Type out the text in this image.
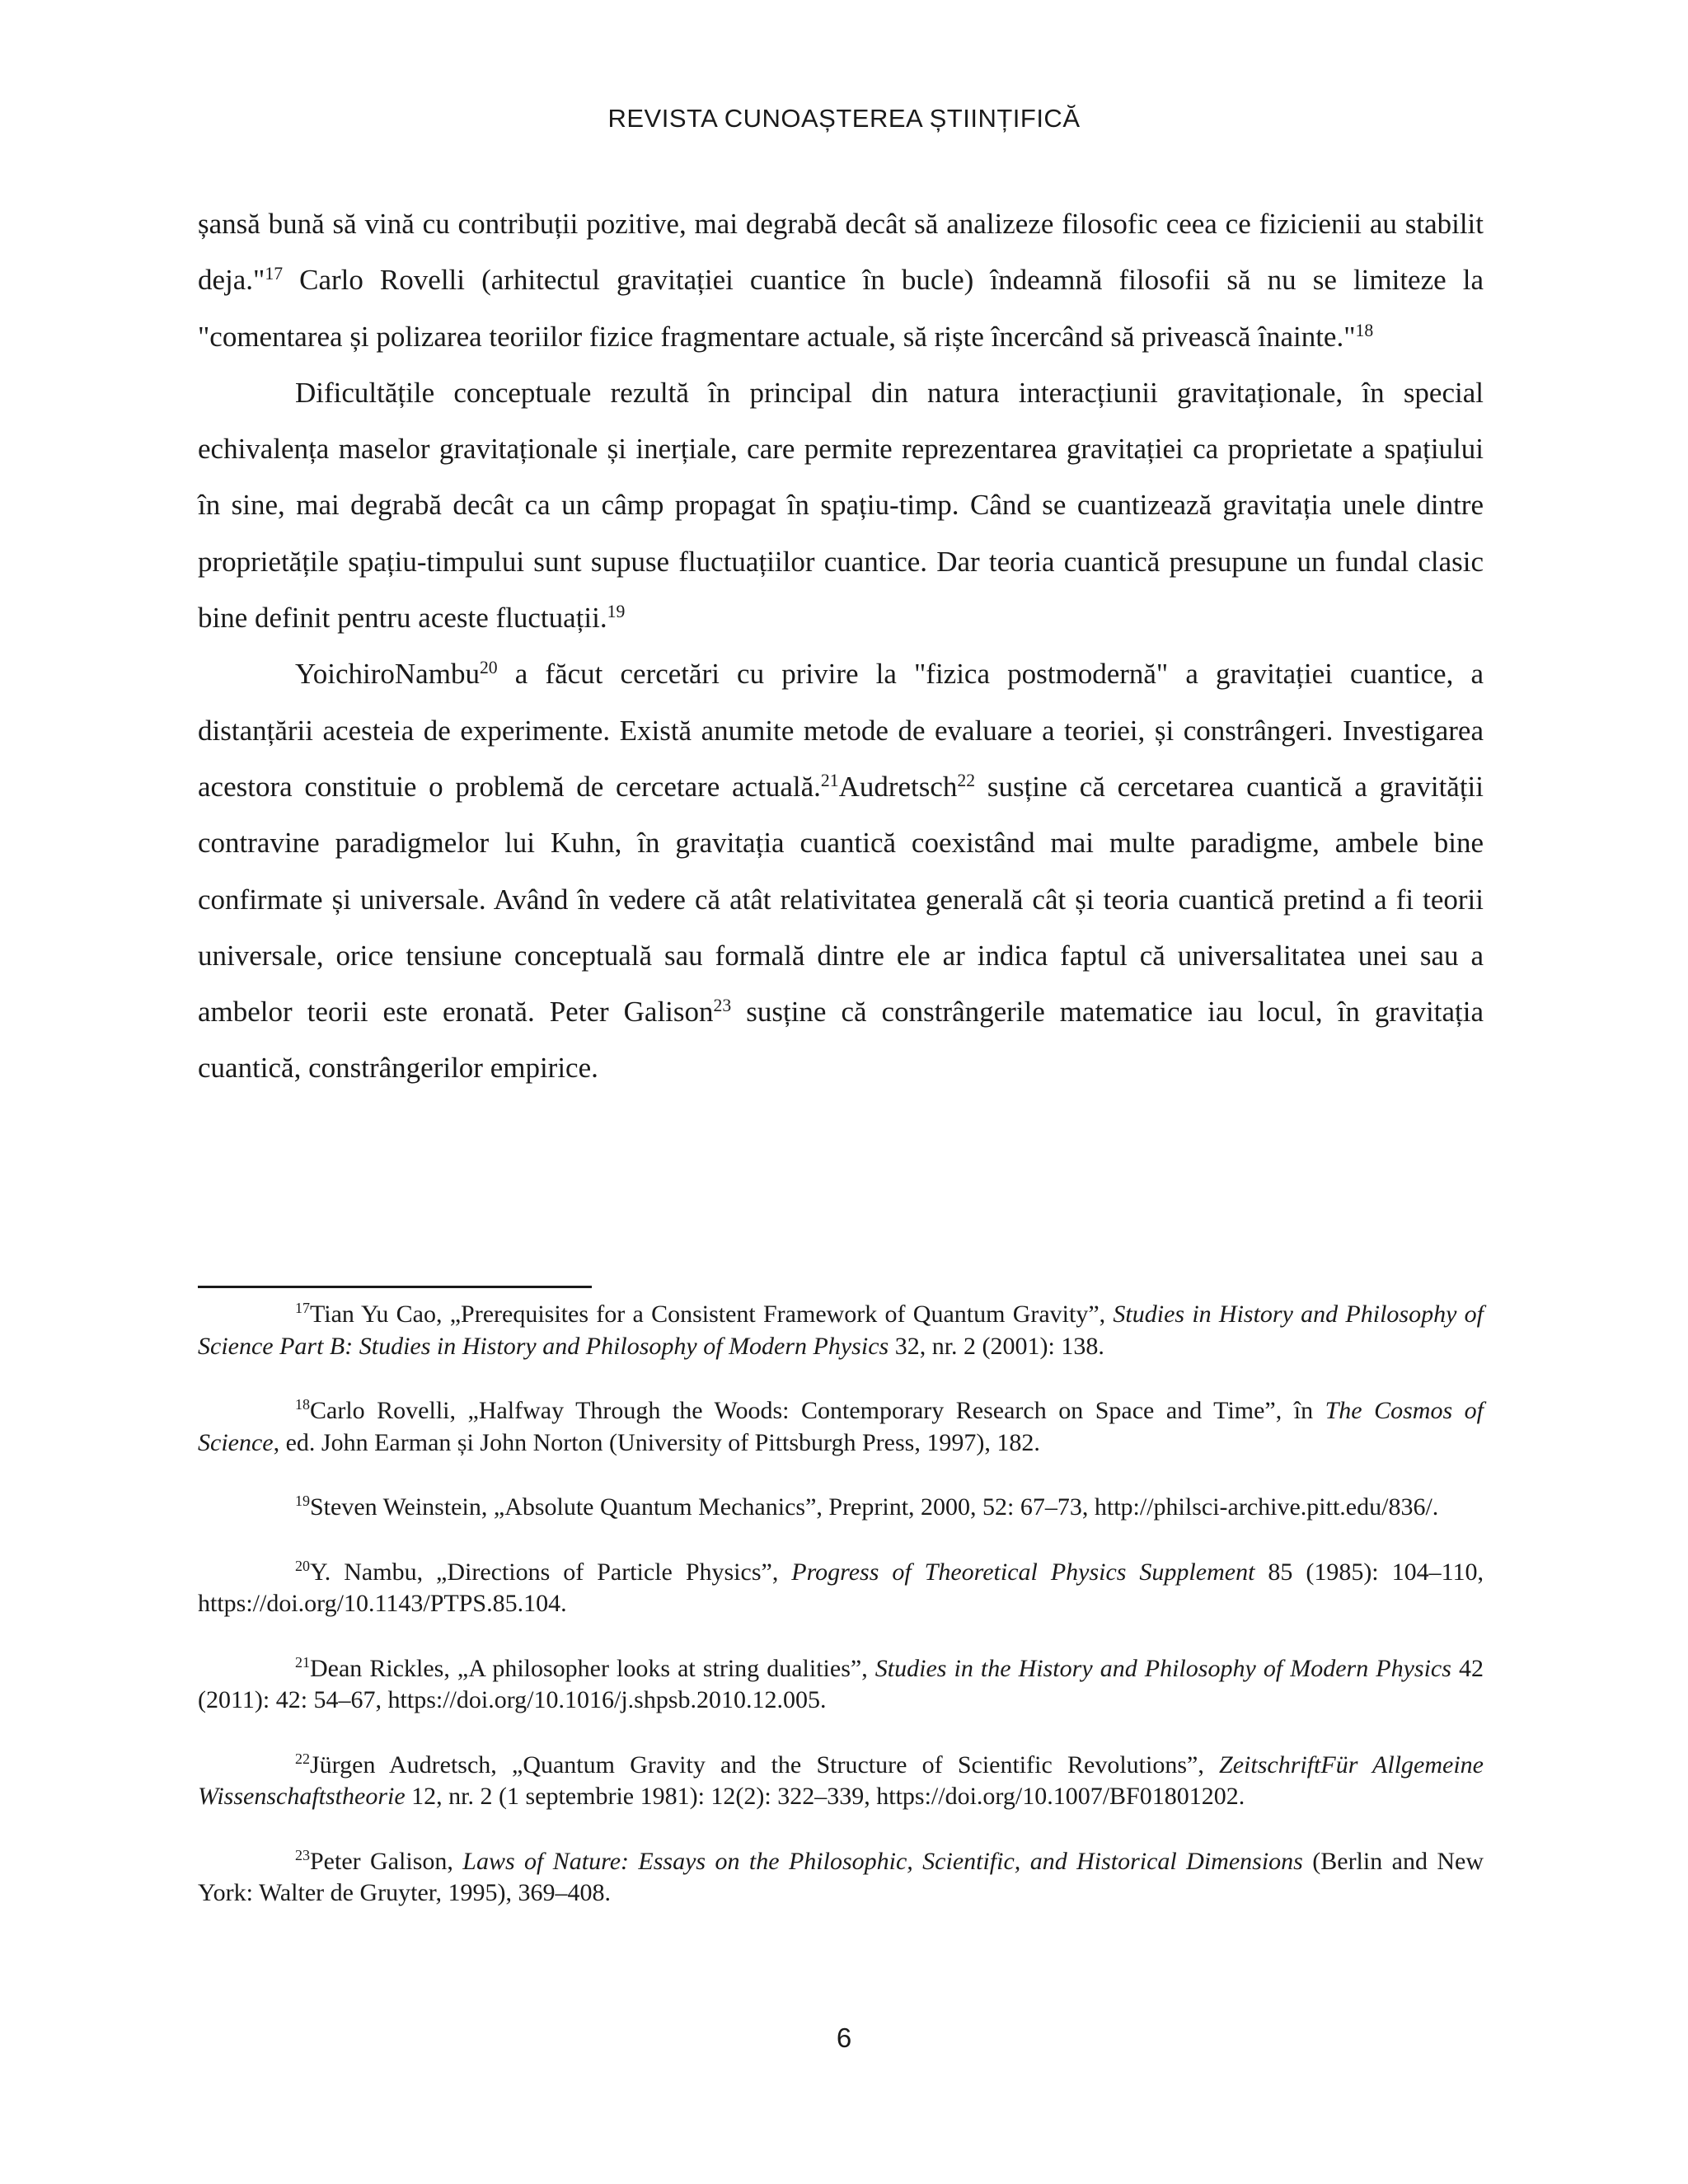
REVISTA CUNOAȘTEREA ȘTIINȚIFICĂ

șansă bună să vină cu contribuții pozitive, mai degrabă decât să analizeze filosofic ceea ce fizicienii au stabilit deja."$^{17}$ Carlo Rovelli (arhitectul gravitației cuantice în bucle) îndeamnă filosofii să nu se limiteze la "comentarea și polizarea teoriilor fizice fragmentare actuale, să riște încercând să privească înainte."$^{18}$

Dificultățile conceptuale rezultă în principal din natura interacțiunii gravitaționale, în special echivalența maselor gravitaționale și inerțiale, care permite reprezentarea gravitației ca proprietate a spațiului în sine, mai degrabă decât ca un câmp propagat în spațiu-timp. Când se cuantizează gravitația unele dintre proprietățile spațiu-timpului sunt supuse fluctuațiilor cuantice. Dar teoria cuantică presupune un fundal clasic bine definit pentru aceste fluctuații.$^{19}$

YoichiroNambu$^{20}$ a făcut cercetări cu privire la "fizica postmodernă" a gravitației cuantice, a distanțării acesteia de experimente. Există anumite metode de evaluare a teoriei, și constrângeri. Investigarea acestora constituie o problemă de cercetare actuală.$^{21}$Audretsch$^{22}$ susține că cercetarea cuantică a gravității contravine paradigmelor lui Kuhn, în gravitația cuantică coexistând mai multe paradigme, ambele bine confirmate și universale. Având în vedere că atât relativitatea generală cât și teoria cuantică pretind a fi teorii universale, orice tensiune conceptuală sau formală dintre ele ar indica faptul că universalitatea unei sau a ambelor teorii este eronată. Peter Galison$^{23}$ susține că constrângerile matematice iau locul, în gravitația cuantică, constrângerilor empirice.

$^{17}$Tian Yu Cao, „Prerequisites for a Consistent Framework of Quantum Gravity”, Studies in History and Philosophy of Science Part B: Studies in History and Philosophy of Modern Physics 32, nr. 2 (2001): 138.

$^{18}$Carlo Rovelli, „Halfway Through the Woods: Contemporary Research on Space and Time”, în The Cosmos of Science, ed. John Earman și John Norton (University of Pittsburgh Press, 1997), 182.

$^{19}$Steven Weinstein, „Absolute Quantum Mechanics”, Preprint, 2000, 52: 67–73, http://philsci-archive.pitt.edu/836/.

$^{20}$Y. Nambu, „Directions of Particle Physics”, Progress of Theoretical Physics Supplement 85 (1985): 104–110, https://doi.org/10.1143/PTPS.85.104.

$^{21}$Dean Rickles, „A philosopher looks at string dualities”, Studies in the History and Philosophy of Modern Physics 42 (2011): 42: 54–67, https://doi.org/10.1016/j.shpsb.2010.12.005.

$^{22}$Jürgen Audretsch, „Quantum Gravity and the Structure of Scientific Revolutions”, ZeitschriftFür Allgemeine Wissenschaftstheorie 12, nr. 2 (1 septembrie 1981): 12(2): 322–339, https://doi.org/10.1007/BF01801202.

$^{23}$Peter Galison, Laws of Nature: Essays on the Philosophic, Scientific, and Historical Dimensions (Berlin and New York: Walter de Gruyter, 1995), 369–408.

6
